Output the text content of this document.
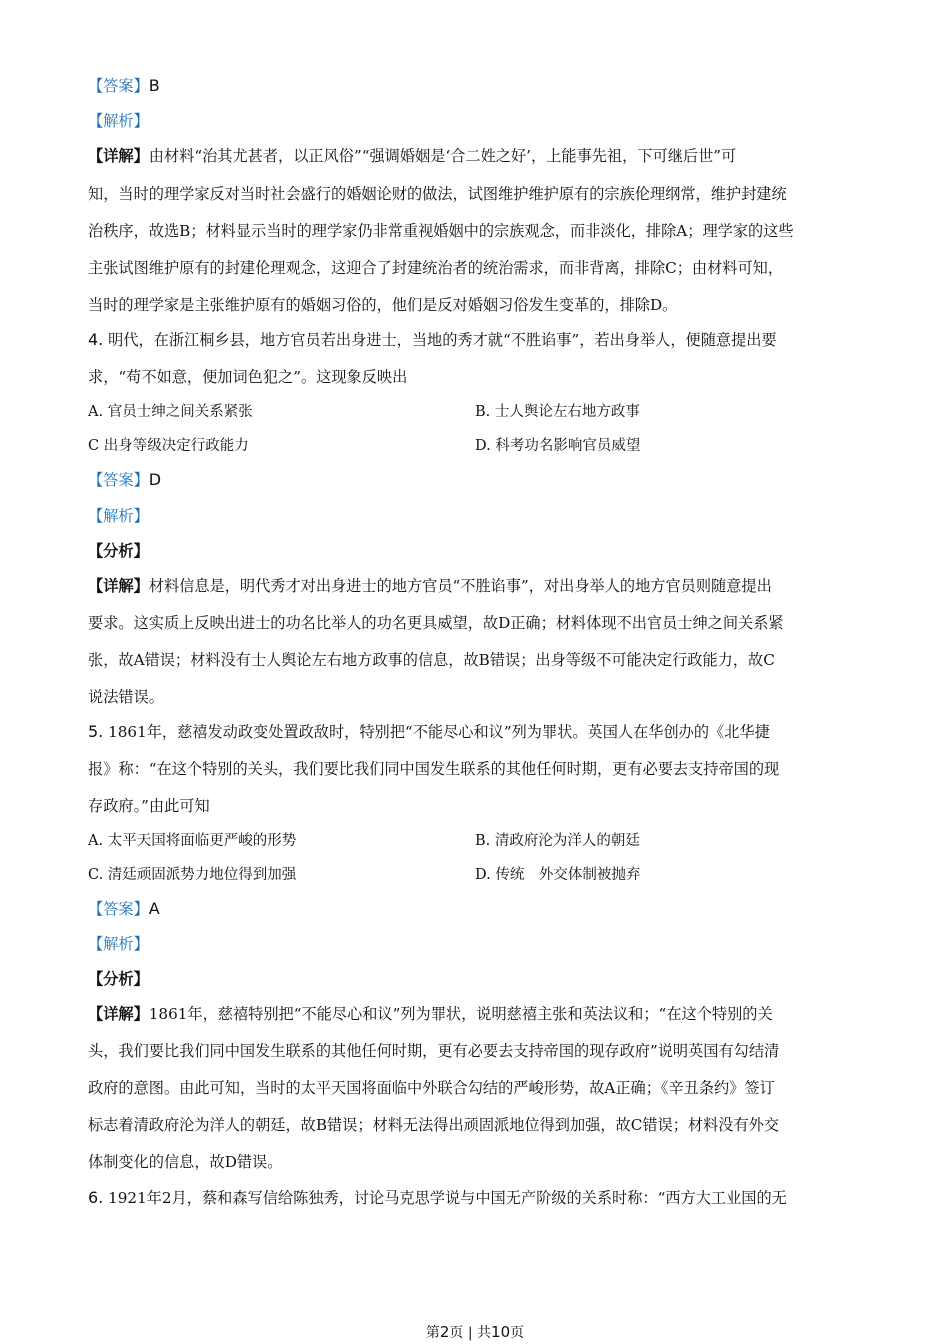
【答案】B
【解析】
【详解】由材料“治其尤甚者，以正风俗”“强调婚姻是‘合二姓之好’，上能事先祖，下可继后世”可
知，当时的理学家反对当时社会盛行的婚姻论财的做法，试图维护维护原有的宗族伦理纲常，维护封建统
治秩序，故选B；材料显示当时的理学家仍非常重视婚姻中的宗族观念，而非淡化，排除A；理学家的这些
主张试图维护原有的封建伦理观念，这迎合了封建统治者的统治需求，而非背离，排除C；由材料可知，
当时的理学家是主张维护原有的婚姻习俗的，他们是反对婚姻习俗发生变革的，排除D。
4. 明代，在浙江桐乡县，地方官员若出身进士，当地的秀才就“不胜谄事”，若出身举人，便随意提出要
求，“苟不如意，便加词色犯之”。这现象反映出
A. 官员士绅之间关系紧张	B. 士人舆论左右地方政事
C 出身等级决定行政能力	D. 科考功名影响官员威望
【答案】D
【解析】
【分析】
【详解】材料信息是，明代秀才对出身进士的地方官员“不胜谄事”，对出身举人的地方官员则随意提出
要求。这实质上反映出进士的功名比举人的功名更具威望，故D正确；材料体现不出官员士绅之间关系紧
张，故A错误；材料没有士人舆论左右地方政事的信息，故B错误；出身等级不可能决定行政能力，故C
说法错误。
5. 1861年，慈禧发动政变处置政敌时，特别把“不能尽心和议”列为罪状。英国人在华创办的《北华捷
报》称：“在这个特别的关头，我们要比我们同中国发生联系的其他任何时期，更有必要去支持帝国的现
存政府。”由此可知
A. 太平天国将面临更严峻的形势	B. 清政府沦为洋人的朝廷
C. 清廷顽固派势力地位得到加强	D. 传统　外交体制被抛弃
【答案】A
【解析】
【分析】
【详解】1861年，慈禧特别把“不能尽心和议”列为罪状，说明慈禧主张和英法议和；“在这个特别的关
头，我们要比我们同中国发生联系的其他任何时期，更有必要去支持帝国的现存政府”说明英国有勾结清
政府的意图。由此可知，当时的太平天国将面临中外联合勾结的严峻形势，故A正确；《辛丑条约》签订
标志着清政府沦为洋人的朝廷，故B错误；材料无法得出顽固派地位得到加强，故C错误；材料没有外交
体制变化的信息，故D错误。
6. 1921年2月，蔡和森写信给陈独秀，讨论马克思学说与中国无产阶级的关系时称：“西方大工业国的无
第2页 | 共10页
